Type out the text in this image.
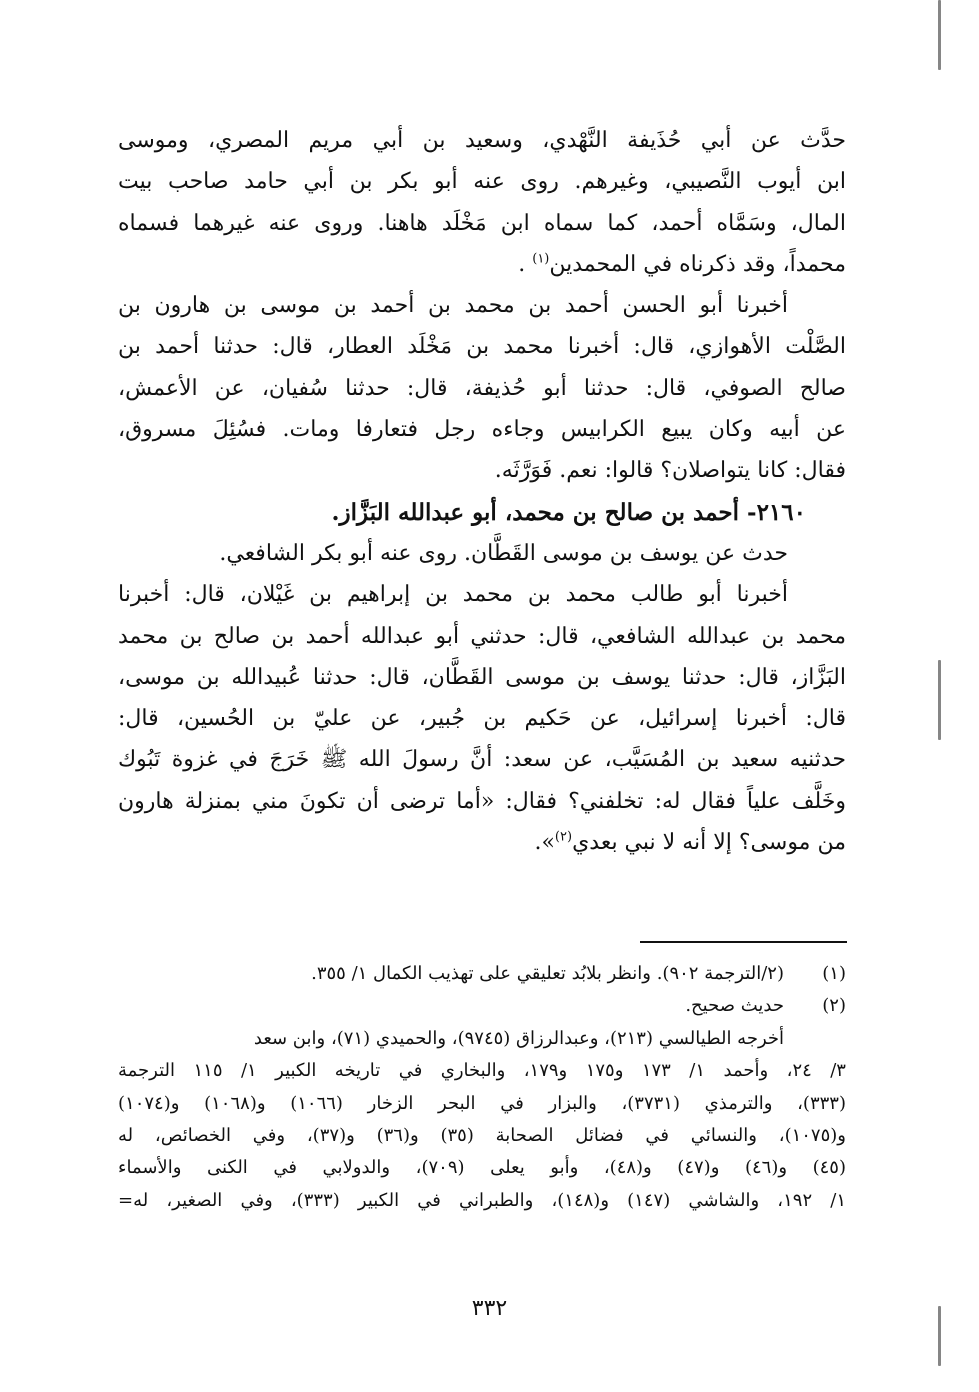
حدَّث عن أبي حُذَيفة النَّهْدي، وسعيد بن أبي مريم المصري، وموسى
ابن أيوب النَّصيبي، وغيرهم. روى عنه أبو بكر بن أبي حامد صاحب بيت
المال، وسَمَّاه أحمد، كما سماه ابن مَخْلَد هاهنا. وروى عنه غيرهما فسماه
محمداً، وقد ذكرناه في المحمدين$^{(١)}$ .
أخبرنا أبو الحسن أحمد بن محمد بن أحمد بن موسى بن هارون بن
الصَّلْت الأهوازي، قال: أخبرنا محمد بن مَخْلَد العطار، قال: حدثنا أحمد بن
صالح الصوفي، قال: حدثنا أبو حُذيفة، قال: حدثنا سُفيان، عن الأعمش،
عن أبيه وكان يبيع الكرابيس وجاءه رجل فتعارفا ومات. فسُئِلَ مسروق،
فقال: كانا يتواصلان؟ قالوا: نعم. فَوَرَّثَه.
٢١٦٠- أحمد بن صالح بن محمد، أبو عبدالله البَزَّاز.
حدث عن يوسف بن موسى القَطَّان. روى عنه أبو بكر الشافعي.
أخبرنا أبو طالب محمد بن محمد بن إبراهيم بن غَيْلان، قال: أخبرنا
محمد بن عبدالله الشافعي، قال: حدثني أبو عبدالله أحمد بن صالح بن محمد
البَزَّاز، قال: حدثنا يوسف بن موسى القَطَّان، قال: حدثنا عُبيدالله بن موسى،
قال: أخبرنا إسرائيل، عن حَكيم بن جُبير، عن عليّ بن الحُسين، قال:
حدثنيه سعيد بن المُسَيَّب، عن سعد: أنَّ رسولَ الله ﷺ خَرَجَ في غزوة تَبُوك
وخَلَّف علياً فقال له: تخلفني؟ فقال: «أما ترضى أن تكونَ مني بمنزلة هارون
من موسى؟ إلا أنه لا نبي بعدي$^{(٢)}$».
(١)(٢/الترجمة ٩٠٢). وانظر بلابُد تعليقي على تهذيب الكمال ١/ ٣٥٥.
(٢)حديث صحيح.
أخرجه الطيالسي (٢١٣)، وعبدالرزاق (٩٧٤٥)، والحميدي (٧١)، وابن سعد
٣/ ٢٤، وأحمد ١/ ١٧٣ و١٧٥ و١٧٩، والبخاري في تاريخه الكبير ١/ ١١٥ الترجمة
(٣٣٣)، والترمذي (٣٧٣١)، والبزار في البحر الزخار (١٠٦٦) و(١٠٦٨) و(١٠٧٤)
و(١٠٧٥)، والنسائي في فضائل الصحابة (٣٥) و(٣٦) و(٣٧)، وفي الخصائص، له
(٤٥) و(٤٦) و(٤٧) و(٤٨)، وأبو يعلى (٧٠٩)، والدولابي في الكنى والأسماء
١/ ١٩٢، والشاشي (١٤٧) و(١٤٨)، والطبراني في الكبير (٣٣٣)، وفي الصغير، له=
٣٣٢
